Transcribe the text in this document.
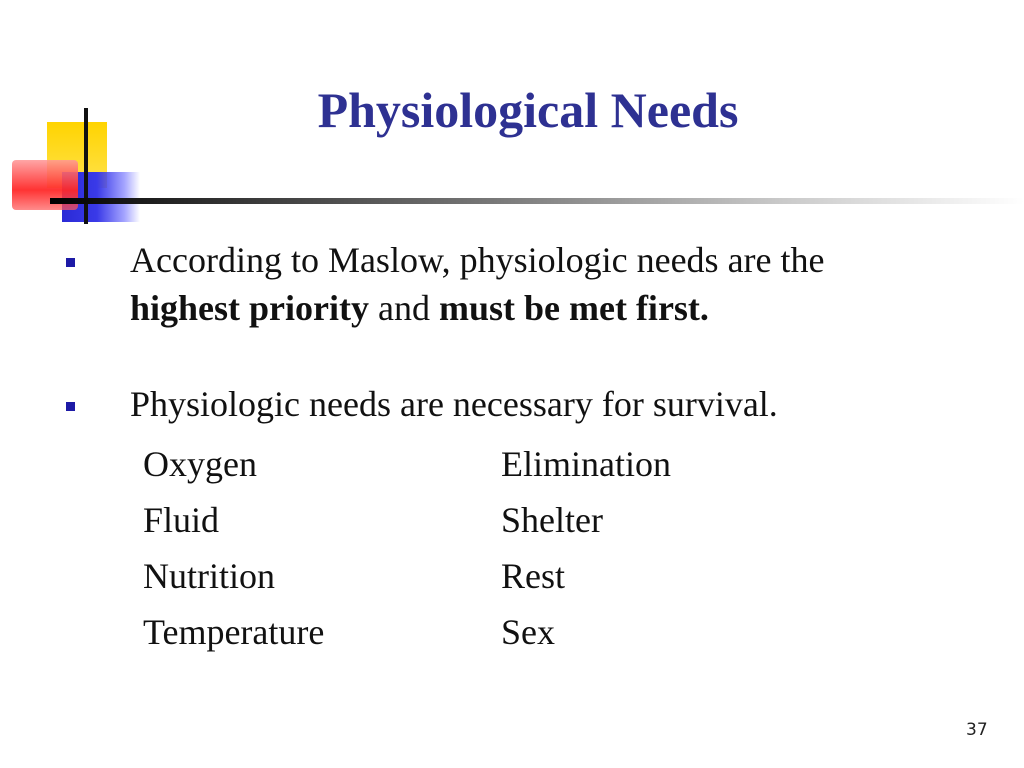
Physiological Needs

According to Maslow, physiologic needs are the
highest priority and must be met first.

Physiologic needs are necessary for survival.

Oxygen	Elimination
Fluid	Shelter
Nutrition	Rest
Temperature	Sex
37
